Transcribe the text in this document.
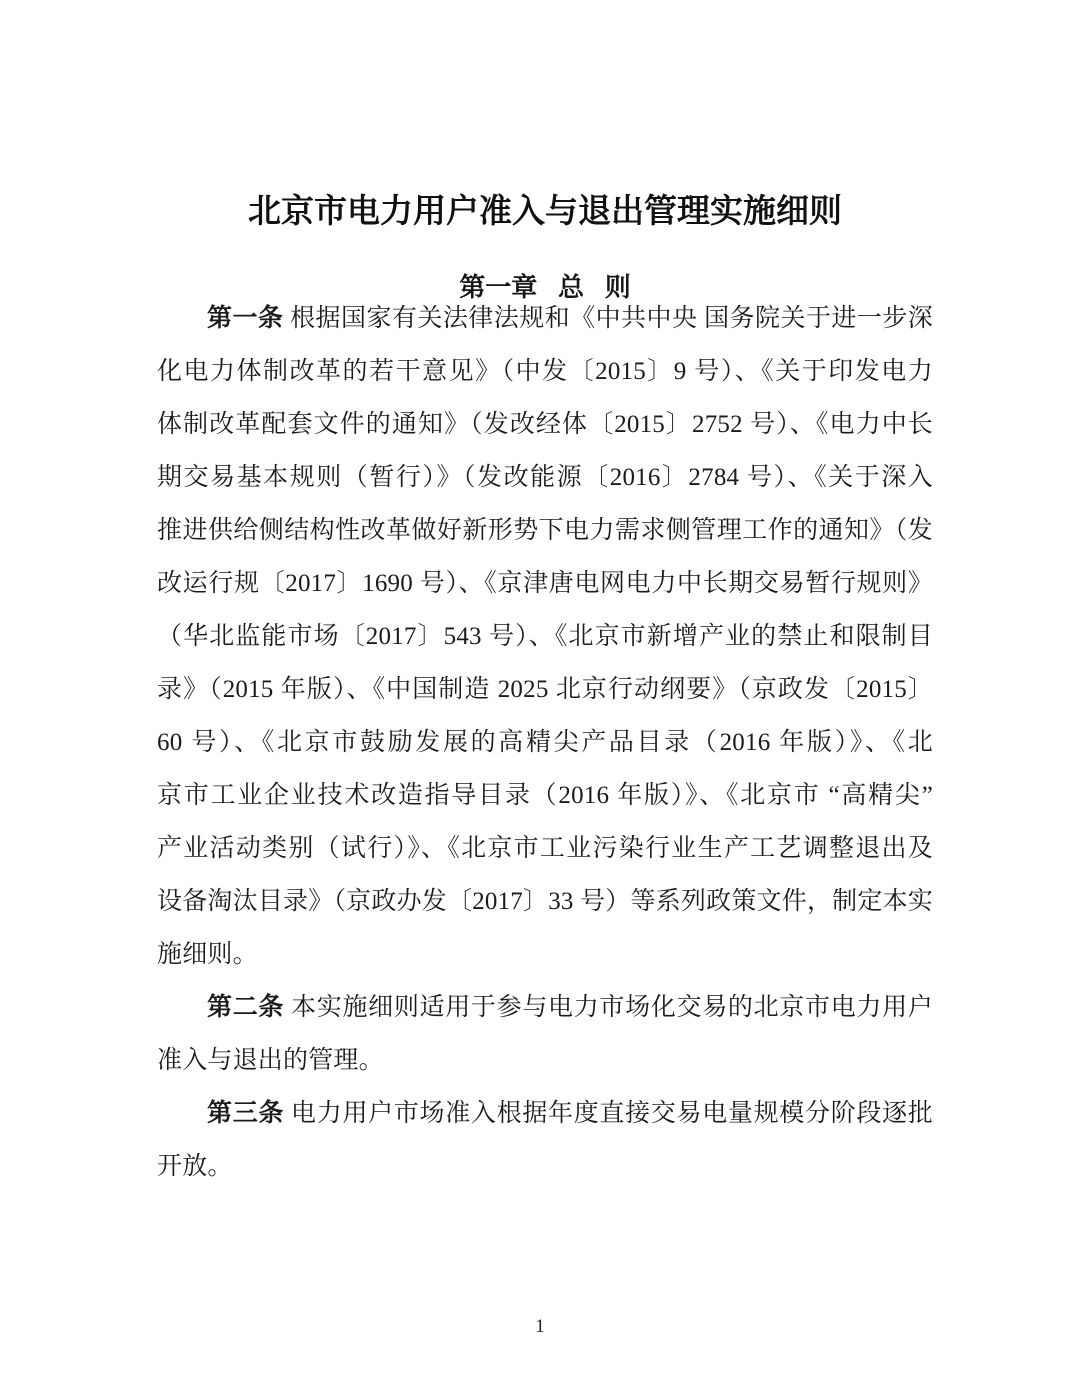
北京市电力用户准入与退出管理实施细则
第一章 总 则
第一条 根据国家有关法律法规和《中共中央 国务院关于进一步深
化电力体制改革的若干意见》（中发〔2015〕9 号）、《关于印发电力
体制改革配套文件的通知》（发改经体〔2015〕2752 号）、《电力中长
期交易基本规则（暂行）》（发改能源〔2016〕2784 号）、《关于深入
推进供给侧结构性改革做好新形势下电力需求侧管理工作的通知》（发
改运行规〔2017〕1690 号）、《京津唐电网电力中长期交易暂行规则》
（华北监能市场〔2017〕543 号）、《北京市新增产业的禁止和限制目
录》（2015 年版）、《中国制造 2025 北京行动纲要》（京政发〔2015〕
60 号）、《北京市鼓励发展的高精尖产品目录（2016 年版）》、《北
京市工业企业技术改造指导目录（2016 年版）》、《北京市 “高精尖”
产业活动类别（试行）》、《北京市工业污染行业生产工艺调整退出及
设备淘汰目录》（京政办发〔2017〕33 号）等系列政策文件，制定本实
施细则。
第二条 本实施细则适用于参与电力市场化交易的北京市电力用户
准入与退出的管理。
第三条 电力用户市场准入根据年度直接交易电量规模分阶段逐批
开放。
1
